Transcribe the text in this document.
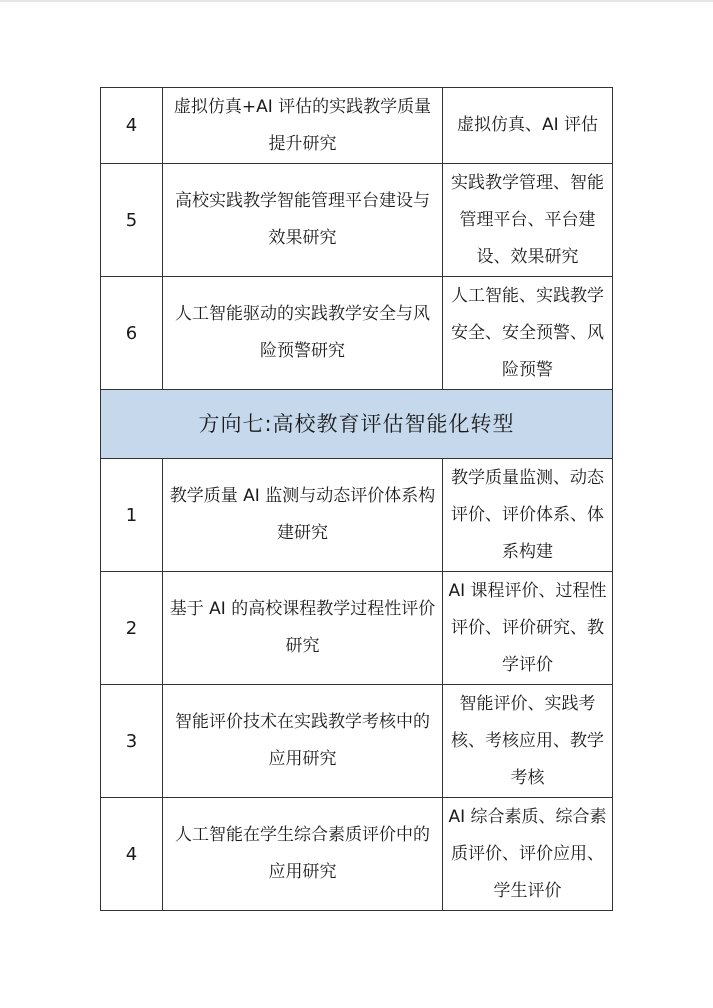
4	虚拟仿真+AI 评估的实践教学质量提升研究	虚拟仿真、AI 评估
5	高校实践教学智能管理平台建设与效果研究	实践教学管理、智能管理平台、平台建设、效果研究
6	人工智能驱动的实践教学安全与风险预警研究	人工智能、实践教学安全、安全预警、风险预警
方向七:高校教育评估智能化转型		
1	教学质量 AI 监测与动态评价体系构建研究	教学质量监测、动态评价、评价体系、体系构建
2	基于 AI 的高校课程教学过程性评价研究	AI 课程评价、过程性评价、评价研究、教学评价
3	智能评价技术在实践教学考核中的应用研究	智能评价、实践考核、考核应用、教学考核
4	人工智能在学生综合素质评价中的应用研究	AI 综合素质、综合素质评价、评价应用、学生评价
